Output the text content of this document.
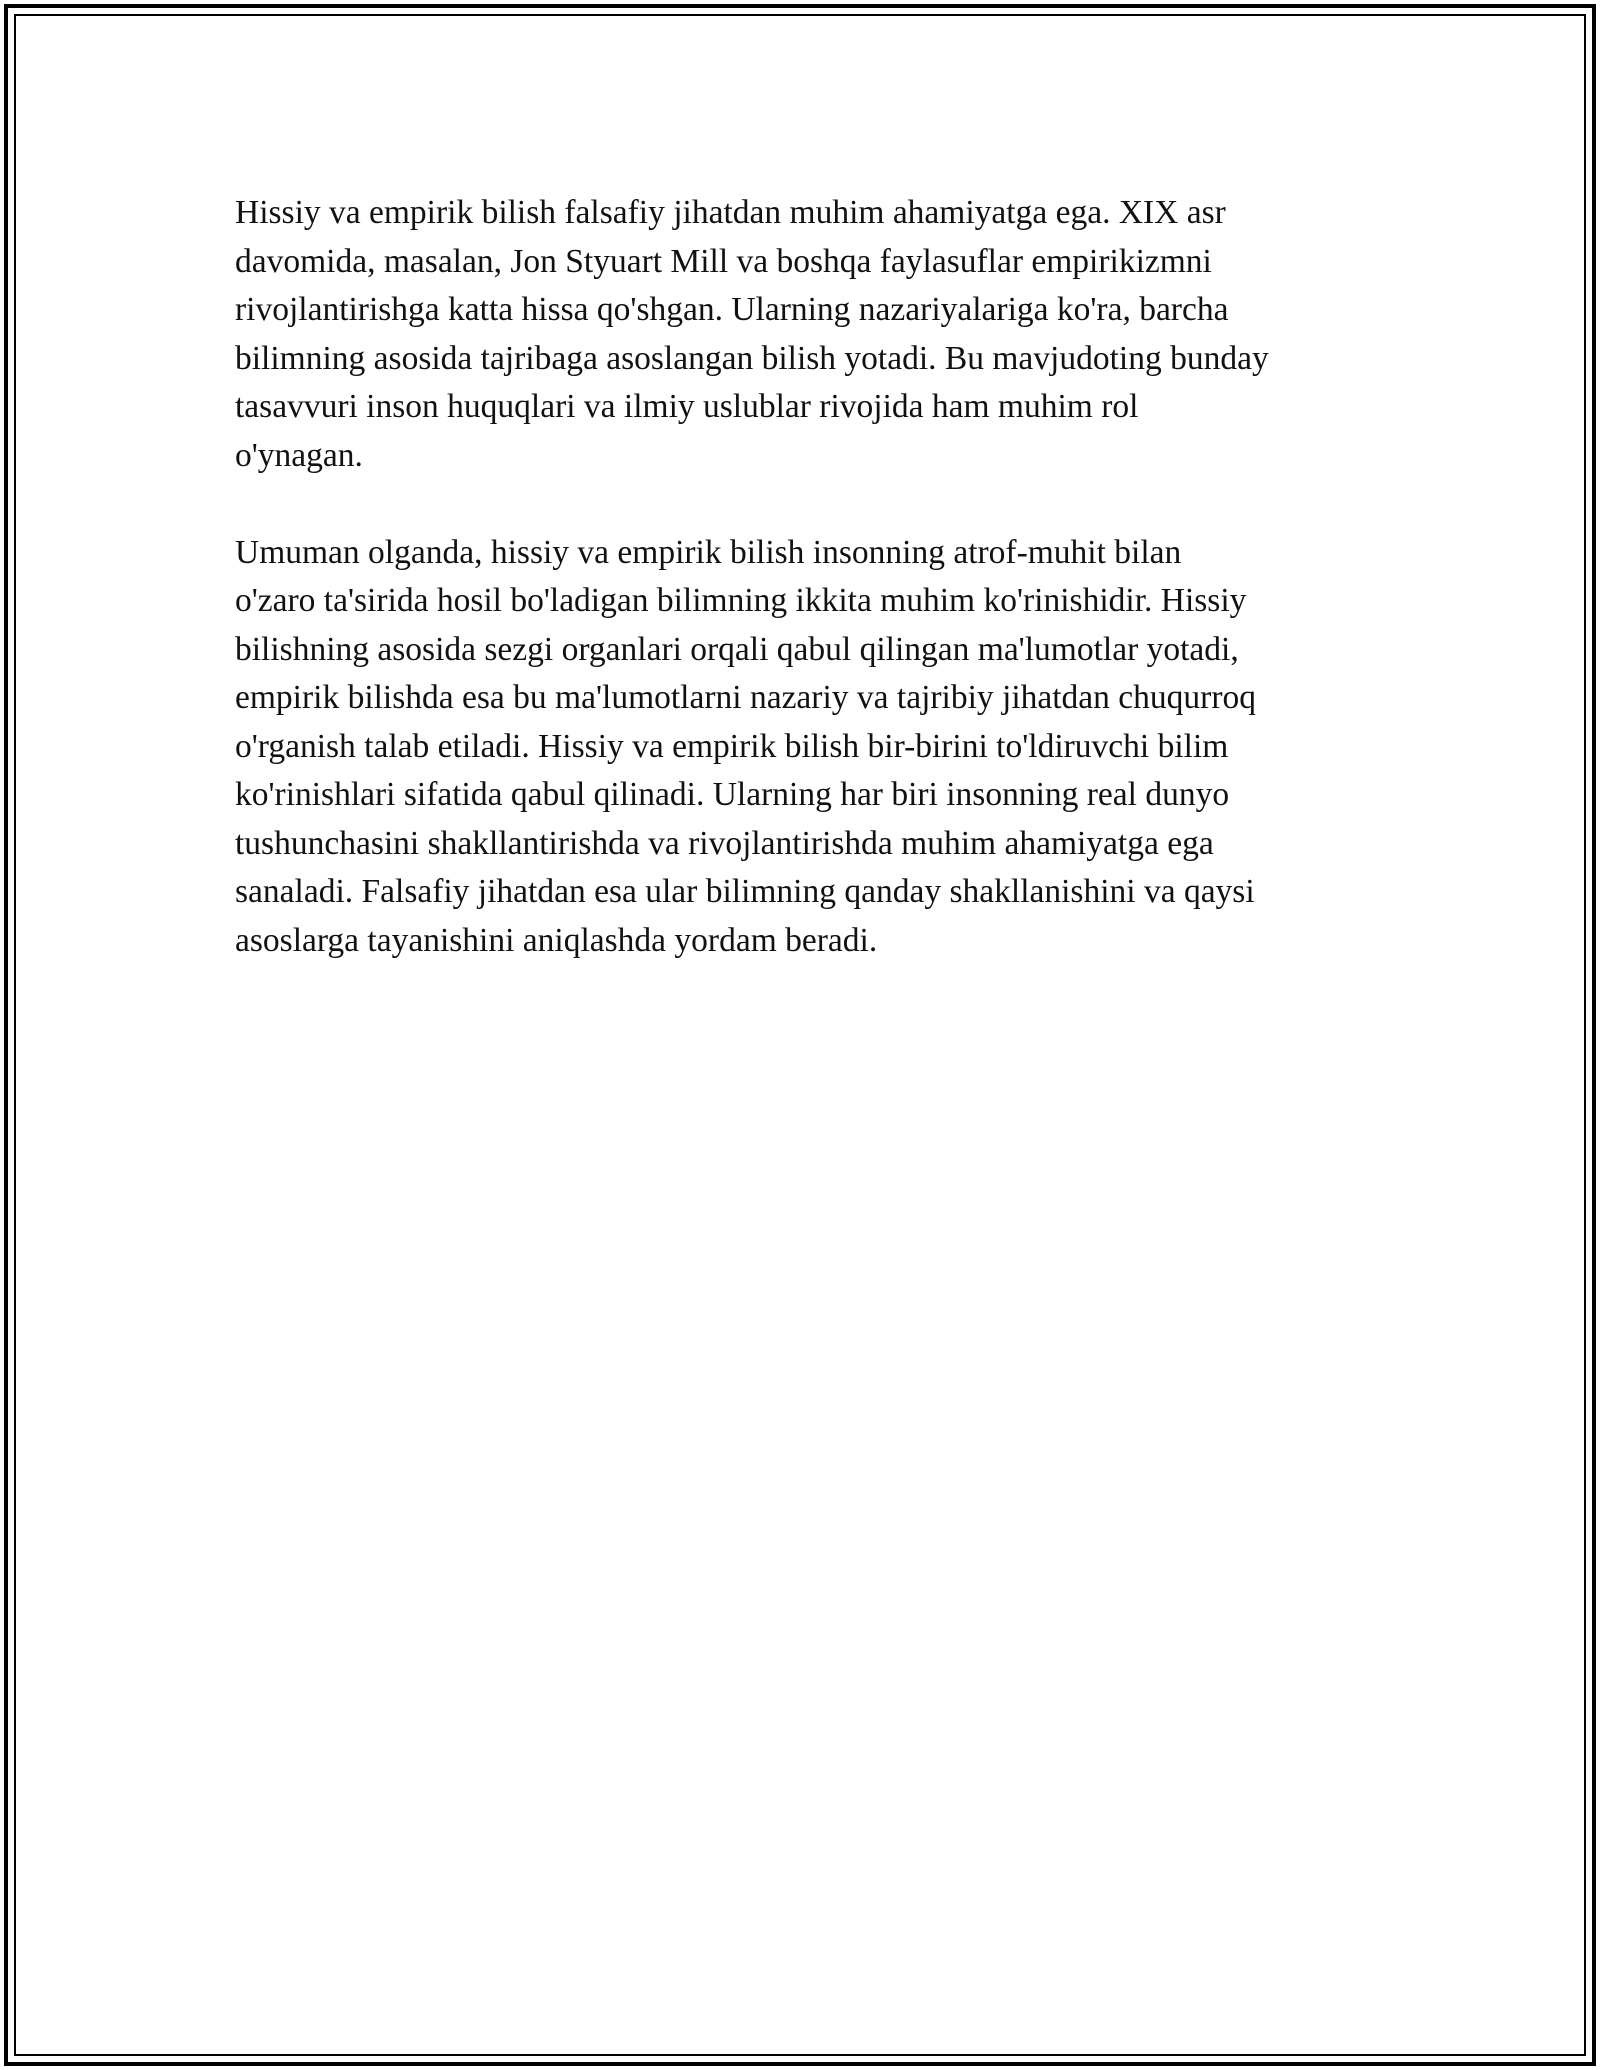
Hissiy va empirik bilish falsafiy jihatdan muhim ahamiyatga ega. XIX asr
davomida, masalan, Jon Styuart Mill va boshqa faylasuflar empirikizmni
rivojlantirishga katta hissa qo'shgan. Ularning nazariyalariga ko'ra, barcha
bilimning asosida tajribaga asoslangan bilish yotadi. Bu mavjudoting bunday
tasavvuri inson huquqlari va ilmiy uslublar rivojida ham muhim rol
o'ynagan.

Umuman olganda, hissiy va empirik bilish insonning atrof-muhit bilan
o'zaro ta'sirida hosil bo'ladigan bilimning ikkita muhim ko'rinishidir. Hissiy
bilishning asosida sezgi organlari orqali qabul qilingan ma'lumotlar yotadi,
empirik bilishda esa bu ma'lumotlarni nazariy va tajribiy jihatdan chuqurroq
o'rganish talab etiladi. Hissiy va empirik bilish bir-birini to'ldiruvchi bilim
ko'rinishlari sifatida qabul qilinadi. Ularning har biri insonning real dunyo
tushunchasini shakllantirishda va rivojlantirishda muhim ahamiyatga ega
sanaladi. Falsafiy jihatdan esa ular bilimning qanday shakllanishini va qaysi
asoslarga tayanishini aniqlashda yordam beradi.
